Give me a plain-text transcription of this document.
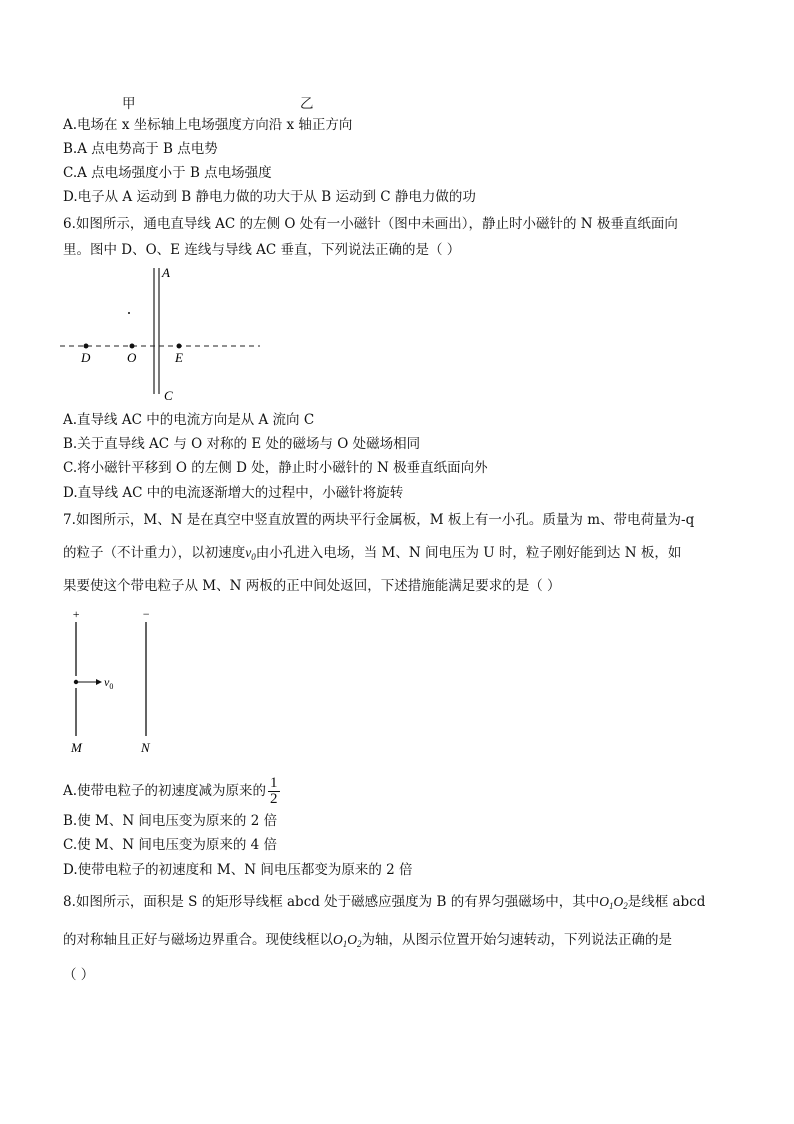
甲	乙
A.电场在 x 坐标轴上电场强度方向沿 x 轴正方向
B.A 点电势高于 B 点电势
C.A 点电场强度小于 B 点电场强度
D.电子从 A 运动到 B 静电力做的功大于从 B 运动到 C 静电力做的功
6.如图所示，通电直导线 AC 的左侧 O 处有一小磁针（图中未画出），静止时小磁针的 N 极垂直纸面向
里。图中 D、O、E 连线与导线 AC 垂直，下列说法正确的是（ ）
A
C
D	O	E
A.直导线 AC 中的电流方向是从 A 流向 C
B.关于直导线 AC 与 O 对称的 E 处的磁场与 O 处磁场相同
C.将小磁针平移到 O 的左侧 D 处，静止时小磁针的 N 极垂直纸面向外
D.直导线 AC 中的电流逐渐增大的过程中，小磁针将旋转
7.如图所示，M、N 是在真空中竖直放置的两块平行金属板，M 板上有一小孔。质量为 m、带电荷量为-q
的粒子（不计重力），以初速度$v_0$由小孔进入电场，当 M、N 间电压为 U 时，粒子刚好能到达 N 板，如
果要使这个带电粒子从 M、N 两板的正中间处返回，下述措施能满足要求的是（ ）
+	−
$v_0$
M	N
A.使带电粒子的初速度减为原来的 $\frac{1}{2}$
B.使 M、N 间电压变为原来的 2 倍
C.使 M、N 间电压变为原来的 4 倍
D.使带电粒子的初速度和 M、N 间电压都变为原来的 2 倍
8.如图所示，面积是 S 的矩形导线框 abcd 处于磁感应强度为 B 的有界匀强磁场中，其中$O_1O_2$是线框 abcd
的对称轴且正好与磁场边界重合。现使线框以$O_1O_2$为轴，从图示位置开始匀速转动，下列说法正确的是
（ ）
